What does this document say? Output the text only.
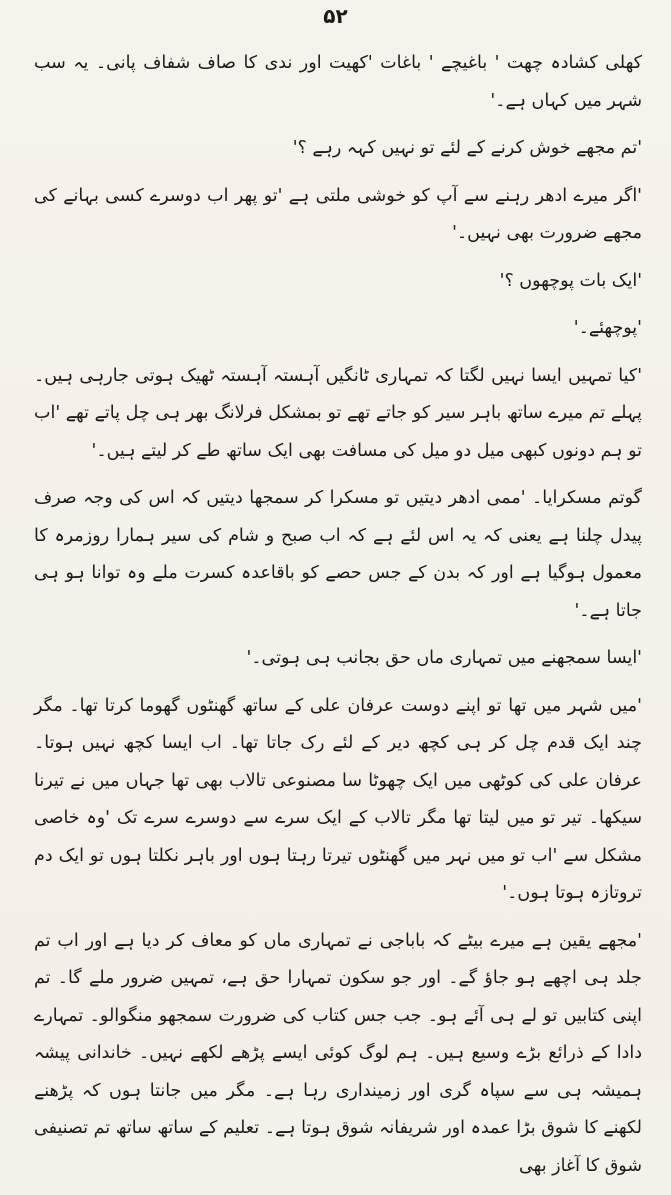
۵۲

کھلی کشادہ چھت ' باغیچے ' باغات 'کھیت اور ندی کا صاف شفاف پانی۔ یہ سب شہر میں کہاں ہے۔'

'تم مجھے خوش کرنے کے لئے تو نہیں کہہ رہے ؟'

'اگر میرے ادھر رہنے سے آپ کو خوشی ملتی ہے 'تو پھر اب دوسرے کسی بہانے کی مجھے ضرورت بھی نہیں۔'

'ایک بات پوچھوں ؟'

'پوچھئے۔'

'کیا تمہیں ایسا نہیں لگتا کہ تمہاری ٹانگیں آہستہ آہستہ ٹھیک ہوتی جارہی ہیں۔ پہلے تم میرے ساتھ باہر سیر کو جاتے تھے تو بمشکل فرلانگ بھر ہی چل پاتے تھے 'اب تو ہم دونوں کبھی میل دو میل کی مسافت بھی ایک ساتھ طے کر لیتے ہیں۔'

گوتم مسکرایا۔ 'ممی ادھر دیتیں تو مسکرا کر سمجھا دیتیں کہ اس کی وجہ صرف پیدل چلنا ہے یعنی کہ یہ اس لئے ہے کہ اب صبح و شام کی سیر ہمارا روزمرہ کا معمول ہوگیا ہے اور کہ بدن کے جس حصے کو باقاعدہ کسرت ملے وہ توانا ہو ہی جاتا ہے۔'

'ایسا سمجھنے میں تمہاری ماں حق بجانب ہی ہوتی۔'

'میں شہر میں تھا تو اپنے دوست عرفان علی کے ساتھ گھنٹوں گھوما کرتا تھا۔ مگر چند ایک قدم چل کر ہی کچھ دیر کے لئے رک جاتا تھا۔ اب ایسا کچھ نہیں ہوتا۔ عرفان علی کی کوٹھی میں ایک چھوٹا سا مصنوعی تالاب بھی تھا جہاں میں نے تیرنا سیکھا۔ تیر تو میں لیتا تھا مگر تالاب کے ایک سرے سے دوسرے سرے تک 'وہ خاصی مشکل سے 'اب تو میں نہر میں گھنٹوں تیرتا رہتا ہوں اور باہر نکلتا ہوں تو ایک دم تروتازہ ہوتا ہوں۔'

'مجھے یقین ہے میرے بیٹے کہ باباجی نے تمہاری ماں کو معاف کر دیا ہے اور اب تم جلد ہی اچھے ہو جاؤ گے۔ اور جو سکون تمہارا حق ہے، تمہیں ضرور ملے گا۔ تم اپنی کتابیں تو لے ہی آئے ہو۔ جب جس کتاب کی ضرورت سمجھو منگوالو۔ تمہارے دادا کے ذرائع بڑے وسیع ہیں۔ ہم لوگ کوئی ایسے پڑھے لکھے نہیں۔ خاندانی پیشہ ہمیشہ ہی سے سپاہ گری اور زمینداری رہا ہے۔ مگر میں جانتا ہوں کہ پڑھنے لکھنے کا شوق بڑا عمدہ اور شریفانہ شوق ہوتا ہے۔ تعلیم کے ساتھ ساتھ تم تصنیفی شوق کا آغاز بھی
